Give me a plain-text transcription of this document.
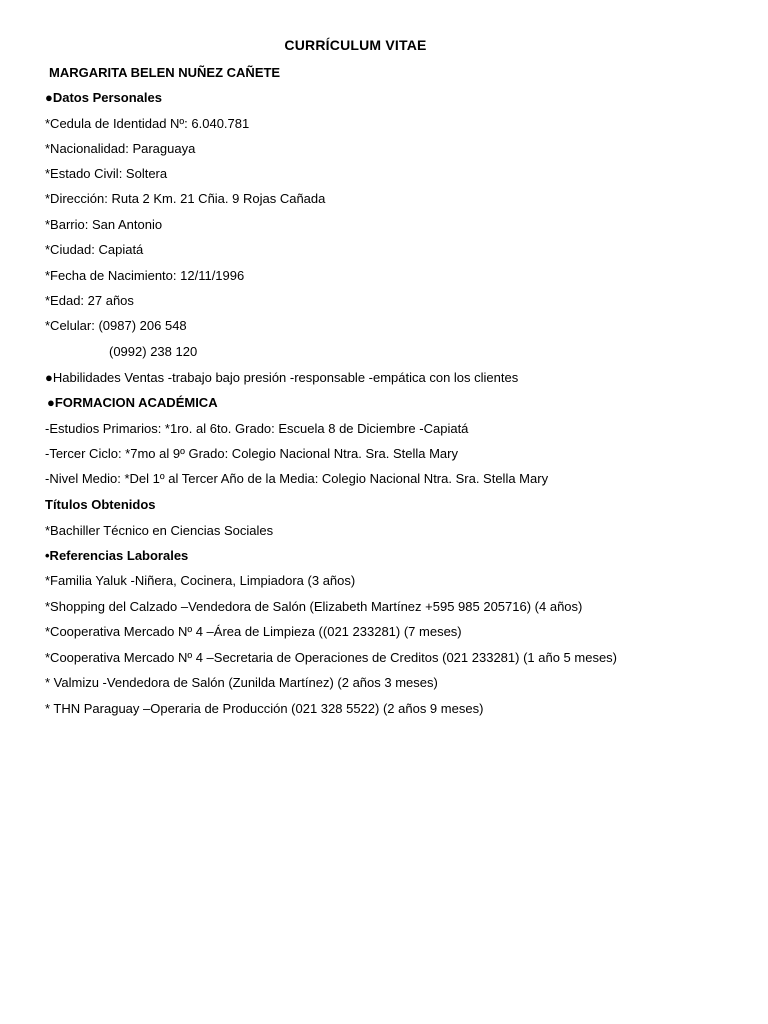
CURRÍCULUM VITAE
MARGARITA BELEN NUÑEZ CAÑETE
●Datos Personales
*Cedula de Identidad Nº: 6.040.781
*Nacionalidad: Paraguaya
*Estado Civil: Soltera
*Dirección: Ruta 2 Km. 21 Cñia. 9 Rojas Cañada
*Barrio: San Antonio
*Ciudad: Capiatá
*Fecha de Nacimiento: 12/11/1996
*Edad: 27 años
*Celular: (0987) 206 548
(0992) 238 120
●Habilidades Ventas -trabajo bajo presión -responsable -empática con los clientes
●FORMACION ACADÉMICA
-Estudios Primarios: *1ro. al 6to. Grado: Escuela 8 de Diciembre -Capiatá
-Tercer Ciclo: *7mo al 9º Grado: Colegio Nacional Ntra. Sra. Stella Mary
-Nivel Medio: *Del 1º al Tercer Año de la Media: Colegio Nacional Ntra. Sra. Stella Mary
Títulos Obtenidos
*Bachiller Técnico en Ciencias Sociales
•Referencias Laborales
*Familia Yaluk -Niñera, Cocinera, Limpiadora (3 años)
*Shopping del Calzado –Vendedora de Salón (Elizabeth Martínez +595 985 205716) (4 años)
*Cooperativa Mercado Nº 4 –Área de Limpieza ((021 233281) (7 meses)
*Cooperativa Mercado Nº 4 –Secretaria de Operaciones de Creditos (021 233281) (1 año 5 meses)
* Valmizu -Vendedora de Salón (Zunilda Martínez) (2 años 3 meses)
* THN Paraguay –Operaria de Producción (021 328 5522) (2 años 9 meses)
